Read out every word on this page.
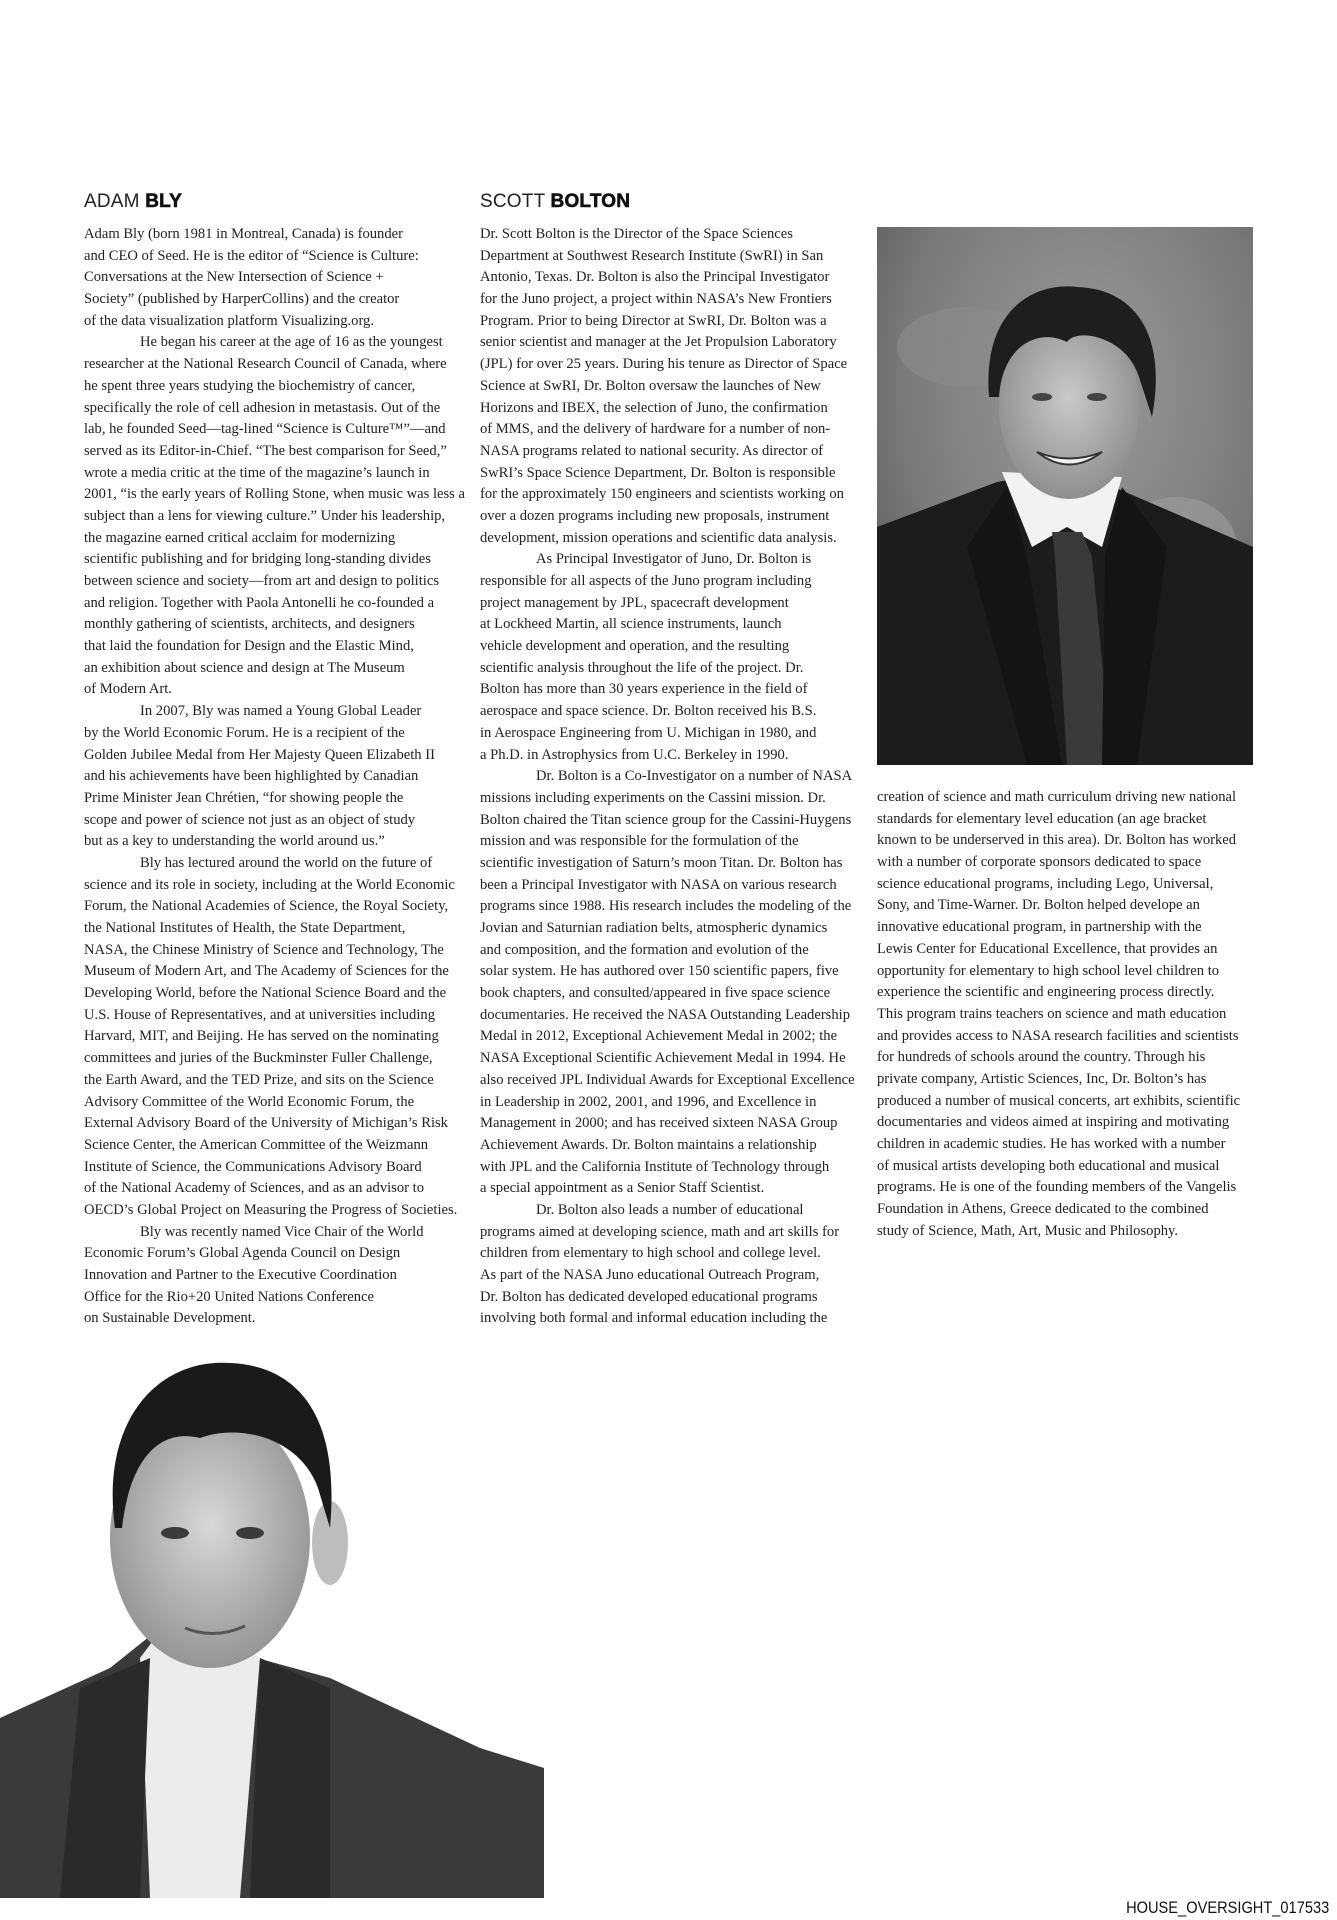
ADAM BLY	SCOTT BOLTON
Adam Bly (born 1981 in Montreal, Canada) is founder
and CEO of Seed. He is the editor of “Science is Culture:
Conversations at the New Intersection of Science +
Society” (published by HarperCollins) and the creator
of the data visualization platform Visualizing.org.
He began his career at the age of 16 as the youngest
researcher at the National Research Council of Canada, where
he spent three years studying the biochemistry of cancer,
specifically the role of cell adhesion in metastasis. Out of the
lab, he founded Seed—tag-lined “Science is Culture™”—and
served as its Editor-in-Chief. “The best comparison for Seed,”
wrote a media critic at the time of the magazine’s launch in
2001, “is the early years of Rolling Stone, when music was less a
subject than a lens for viewing culture.” Under his leadership,
the magazine earned critical acclaim for modernizing
scientific publishing and for bridging long-standing divides
between science and society—from art and design to politics
and religion. Together with Paola Antonelli he co-founded a
monthly gathering of scientists, architects, and designers
that laid the foundation for Design and the Elastic Mind,
an exhibition about science and design at The Museum
of Modern Art.
In 2007, Bly was named a Young Global Leader
by the World Economic Forum. He is a recipient of the
Golden Jubilee Medal from Her Majesty Queen Elizabeth II
and his achievements have been highlighted by Canadian
Prime Minister Jean Chrétien, “for showing people the
scope and power of science not just as an object of study
but as a key to understanding the world around us.”
Bly has lectured around the world on the future of
science and its role in society, including at the World Economic
Forum, the National Academies of Science, the Royal Society,
the National Institutes of Health, the State Department,
NASA, the Chinese Ministry of Science and Technology, The
Museum of Modern Art, and The Academy of Sciences for the
Developing World, before the National Science Board and the
U.S. House of Representatives, and at universities including
Harvard, MIT, and Beijing. He has served on the nominating
committees and juries of the Buckminster Fuller Challenge,
the Earth Award, and the TED Prize, and sits on the Science
Advisory Committee of the World Economic Forum, the
External Advisory Board of the University of Michigan’s Risk
Science Center, the American Committee of the Weizmann
Institute of Science, the Communications Advisory Board
of the National Academy of Sciences, and as an advisor to
OECD’s Global Project on Measuring the Progress of Societies.
Bly was recently named Vice Chair of the World
Economic Forum’s Global Agenda Council on Design
Innovation and Partner to the Executive Coordination
Office for the Rio+20 United Nations Conference
on Sustainable Development.
Dr. Scott Bolton is the Director of the Space Sciences
Department at Southwest Research Institute (SwRI) in San
Antonio, Texas. Dr. Bolton is also the Principal Investigator
for the Juno project, a project within NASA’s New Frontiers
Program. Prior to being Director at SwRI, Dr. Bolton was a
senior scientist and manager at the Jet Propulsion Laboratory
(JPL) for over 25 years. During his tenure as Director of Space
Science at SwRI, Dr. Bolton oversaw the launches of New
Horizons and IBEX, the selection of Juno, the confirmation
of MMS, and the delivery of hardware for a number of non-
NASA programs related to national security. As director of
SwRI’s Space Science Department, Dr. Bolton is responsible
for the approximately 150 engineers and scientists working on
over a dozen programs including new proposals, instrument
development, mission operations and scientific data analysis.
As Principal Investigator of Juno, Dr. Bolton is
responsible for all aspects of the Juno program including
project management by JPL, spacecraft development
at Lockheed Martin, all science instruments, launch
vehicle development and operation, and the resulting
scientific analysis throughout the life of the project. Dr.
Bolton has more than 30 years experience in the field of
aerospace and space science. Dr. Bolton received his B.S.
in Aerospace Engineering from U. Michigan in 1980, and
a Ph.D. in Astrophysics from U.C. Berkeley in 1990.
Dr. Bolton is a Co-Investigator on a number of NASA
missions including experiments on the Cassini mission. Dr.
Bolton chaired the Titan science group for the Cassini-Huygens
mission and was responsible for the formulation of the
scientific investigation of Saturn’s moon Titan. Dr. Bolton has
been a Principal Investigator with NASA on various research
programs since 1988. His research includes the modeling of the
Jovian and Saturnian radiation belts, atmospheric dynamics
and composition, and the formation and evolution of the
solar system. He has authored over 150 scientific papers, five
book chapters, and consulted/appeared in five space science
documentaries. He received the NASA Outstanding Leadership
Medal in 2012, Exceptional Achievement Medal in 2002; the
NASA Exceptional Scientific Achievement Medal in 1994. He
also received JPL Individual Awards for Exceptional Excellence
in Leadership in 2002, 2001, and 1996, and Excellence in
Management in 2000; and has received sixteen NASA Group
Achievement Awards. Dr. Bolton maintains a relationship
with JPL and the California Institute of Technology through
a special appointment as a Senior Staff Scientist.
Dr. Bolton also leads a number of educational
programs aimed at developing science, math and art skills for
children from elementary to high school and college level.
As part of the NASA Juno educational Outreach Program,
Dr. Bolton has dedicated developed educational programs
involving both formal and informal education including the
creation of science and math curriculum driving new national
standards for elementary level education (an age bracket
known to be underserved in this area). Dr. Bolton has worked
with a number of corporate sponsors dedicated to space
science educational programs, including Lego, Universal,
Sony, and Time-Warner. Dr. Bolton helped develope an
innovative educational program, in partnership with the
Lewis Center for Educational Excellence, that provides an
opportunity for elementary to high school level children to
experience the scientific and engineering process directly.
This program trains teachers on science and math education
and provides access to NASA research facilities and scientists
for hundreds of schools around the country. Through his
private company, Artistic Sciences, Inc, Dr. Bolton’s has
produced a number of musical concerts, art exhibits, scientific
documentaries and videos aimed at inspiring and motivating
children in academic studies. He has worked with a number
of musical artists developing both educational and musical
programs. He is one of the founding members of the Vangelis
Foundation in Athens, Greece dedicated to the combined
study of Science, Math, Art, Music and Philosophy.
HOUSE_OVERSIGHT_017533
